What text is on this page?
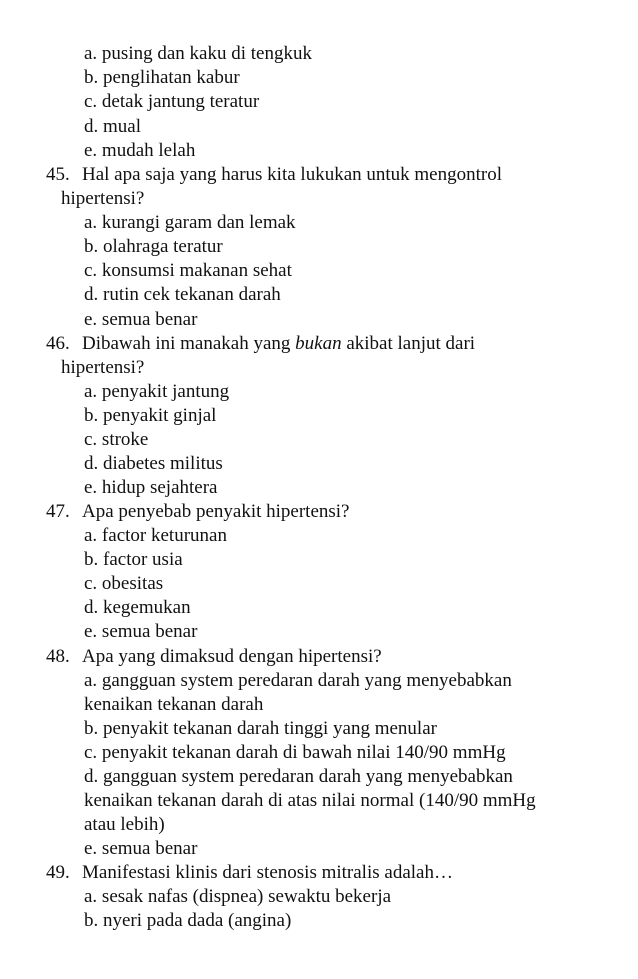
a. pusing dan kaku di tengkuk
b. penglihatan kabur
c. detak jantung teratur
d. mual
e. mudah lelah
45. Hal apa saja yang harus kita lukukan untuk mengontrol
hipertensi?
a. kurangi garam dan lemak
b. olahraga teratur
c. konsumsi makanan sehat
d. rutin cek tekanan darah
e. semua benar
46. Dibawah ini manakah yang bukan akibat lanjut dari
hipertensi?
a. penyakit jantung
b. penyakit ginjal
c. stroke
d. diabetes militus
e. hidup sejahtera
47. Apa penyebab penyakit hipertensi?
a. factor keturunan
b. factor usia
c. obesitas
d. kegemukan
e. semua benar
48. Apa yang dimaksud dengan hipertensi?
a. gangguan system peredaran darah yang menyebabkan
kenaikan tekanan darah
b. penyakit tekanan darah tinggi yang menular
c. penyakit tekanan darah di bawah nilai 140/90 mmHg
d. gangguan system peredaran darah yang menyebabkan
kenaikan tekanan darah di atas nilai normal (140/90 mmHg
atau lebih)
e. semua benar
49. Manifestasi klinis dari stenosis mitralis adalah…
a. sesak nafas (dispnea) sewaktu bekerja
b. nyeri pada dada (angina)
